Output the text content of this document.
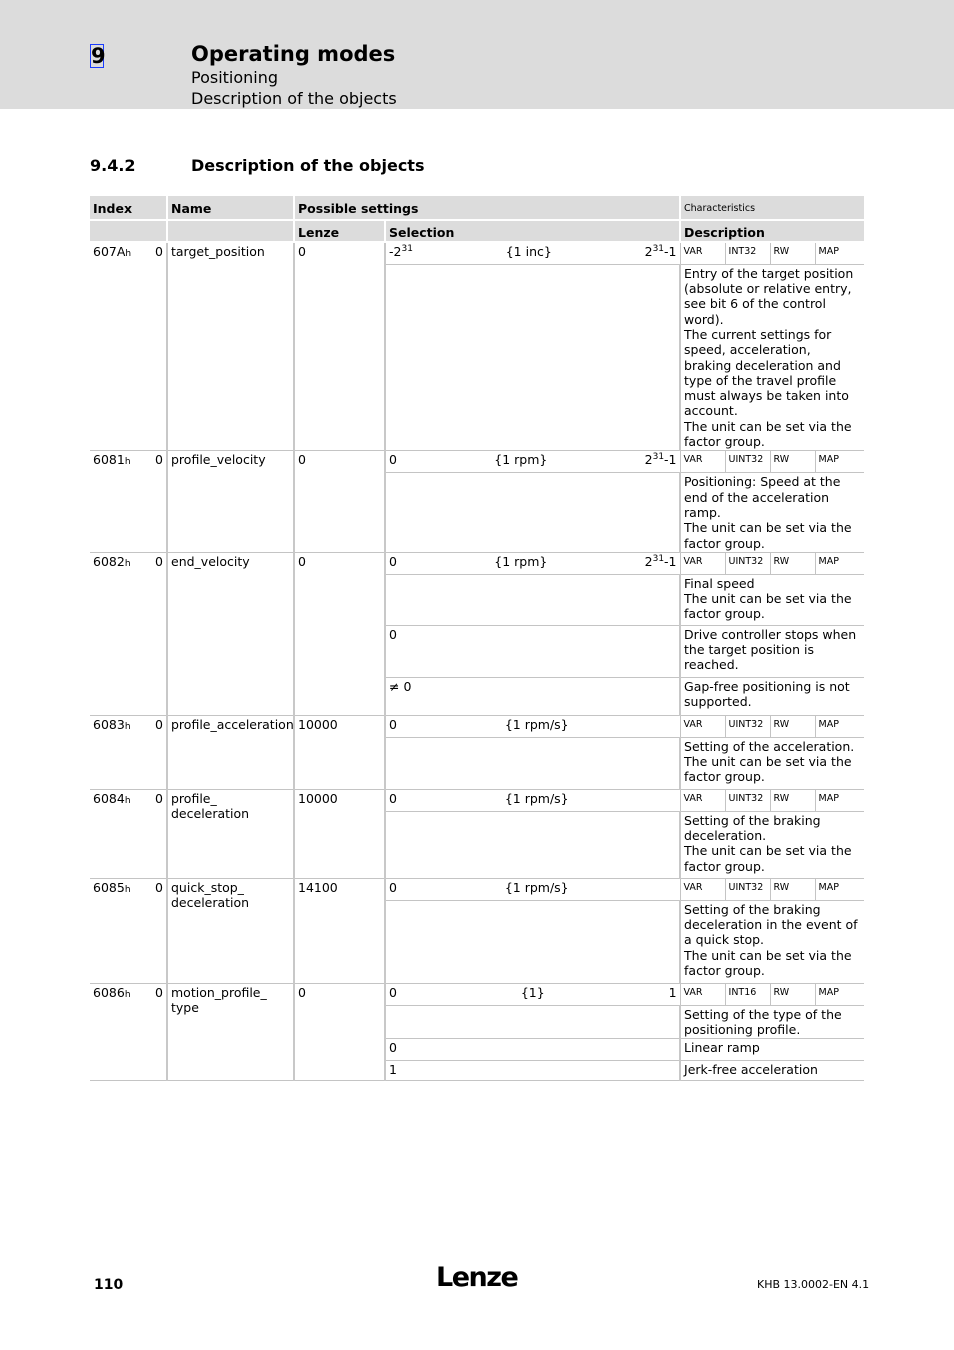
9	Operating modes
Positioning
Description of the objects
9.4.2	Description of the objects
Index	Name	Possible settings		Characteristics			
		Lenze	Selection	Description			

$607A_h$ 0	target_position	0	$-2^{31}$ {1 inc} $2^{31}-1$	VAR	INT32	RW	MAP
				Entry of the target position (absolute or relative entry, see bit 6 of the control word).
The current settings for speed, acceleration, braking deceleration and type of the travel profile must always be taken into account.
The unit can be set via the factor group.			

$6081_h$ 0	profile_velocity	0	0 {1 rpm} $2^{31}-1$	VAR	UINT32	RW	MAP
				Positioning: Speed at the end of the acceleration ramp.
The unit can be set via the factor group.			

$6082_h$ 0	end_velocity	0	0 {1 rpm} $2^{31}-1$	VAR	UINT32	RW	MAP
				Final speed
The unit can be set via the factor group.			
			0	Drive controller stops when the target position is reached.			
			≠ 0	Gap-free positioning is not supported.			

$6083_h$ 0	profile_acceleration	10000	0 {1 rpm/s}	VAR	UINT32	RW	MAP
				Setting of the acceleration.
The unit can be set via the factor group.			

$6084_h$ 0	profile_
deceleration	10000	0 {1 rpm/s}	VAR	UINT32	RW	MAP
				Setting of the braking deceleration.
The unit can be set via the factor group.			

$6085_h$ 0	quick_stop_
deceleration	14100	0 {1 rpm/s}	VAR	UINT32	RW	MAP
				Setting of the braking deceleration in the event of a quick stop.
The unit can be set via the factor group.			

$6086_h$ 0	motion_profile_
type	0	0 {1} 1	VAR	INT16	RW	MAP
				Setting of the type of the positioning profile.			
			0	Linear ramp			
			1	Jerk-free acceleration			
110	Lenze	KHB 13.0002-EN 4.1
